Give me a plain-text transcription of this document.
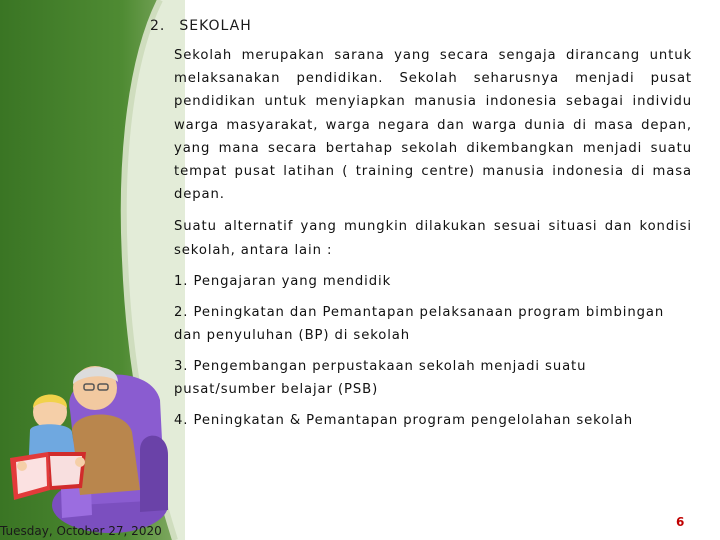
2. SEKOLAH

Sekolah merupakan sarana yang secara sengaja dirancang untuk melaksanakan pendidikan. Sekolah seharusnya menjadi pusat pendidikan untuk menyiapkan manusia indonesia sebagai individu warga masyarakat, warga negara dan warga dunia di masa depan, yang mana secara bertahap sekolah dikembangkan menjadi suatu tempat pusat latihan ( training centre) manusia indonesia di masa depan.

Suatu alternatif yang mungkin dilakukan sesuai situasi dan kondisi sekolah, antara lain :

1. Pengajaran yang mendidik

2. Peningkatan dan Pemantapan pelaksanaan program bimbingan dan penyuluhan (BP) di sekolah

3. Pengembangan perpustakaan sekolah menjadi suatu pusat/sumber belajar (PSB)

4. Peningkatan & Pemantapan program pengelolahan sekolah

Tuesday, October 27, 2020
6
